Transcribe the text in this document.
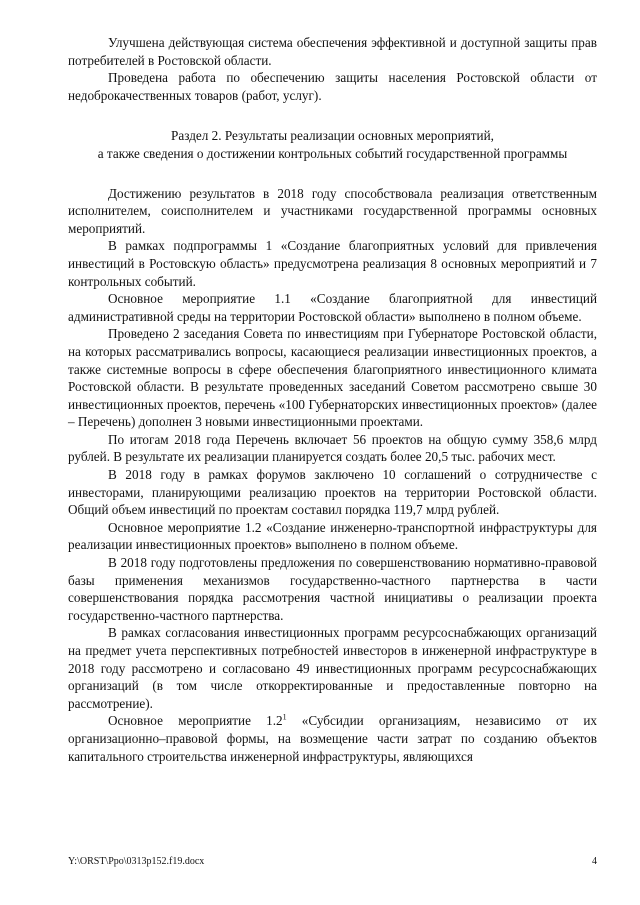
Улучшена действующая система обеспечения эффективной и доступной защиты прав потребителей в Ростовской области.

Проведена работа по обеспечению защиты населения Ростовской области от недоброкачественных товаров (работ, услуг).

Раздел 2. Результаты реализации основных мероприятий,
а также сведения о достижении контрольных событий государственной программы

Достижению результатов в 2018 году способствовала реализация ответственным исполнителем, соисполнителем и участниками государственной программы основных мероприятий.

В рамках подпрограммы 1 «Создание благоприятных условий для привлечения инвестиций в Ростовскую область» предусмотрена реализация 8 основных мероприятий и 7 контрольных событий.

Основное мероприятие 1.1 «Создание благоприятной для инвестиций административной среды на территории Ростовской области» выполнено в полном объеме.

Проведено 2 заседания Совета по инвестициям при Губернаторе Ростовской области, на которых рассматривались вопросы, касающиеся реализации инвестиционных проектов, а также системные вопросы в сфере обеспечения благоприятного инвестиционного климата Ростовской области. В результате проведенных заседаний Советом рассмотрено свыше 30 инвестиционных проектов, перечень «100 Губернаторских инвестиционных проектов» (далее – Перечень) дополнен 3 новыми инвестиционными проектами.

По итогам 2018 года Перечень включает 56 проектов на общую сумму 358,6 млрд рублей. В результате их реализации планируется создать более 20,5 тыс. рабочих мест.

В 2018 году в рамках форумов заключено 10 соглашений о сотрудничестве с инвесторами, планирующими реализацию проектов на территории Ростовской области. Общий объем инвестиций по проектам составил порядка 119,7 млрд рублей.

Основное мероприятие 1.2 «Создание инженерно-транспортной инфраструктуры для реализации инвестиционных проектов» выполнено в полном объеме.

В 2018 году подготовлены предложения по совершенствованию нормативно-правовой базы применения механизмов государственно-частного партнерства в части совершенствования порядка рассмотрения частной инициативы о реализации проекта государственно-частного партнерства.

В рамках согласования инвестиционных программ ресурсоснабжающих организаций на предмет учета перспективных потребностей инвесторов в инженерной инфраструктуре в 2018 году рассмотрено и согласовано 49 инвестиционных программ ресурсоснабжающих организаций (в том числе откорректированные и предоставленные повторно на рассмотрение).

Основное мероприятие $1.2^1$ «Субсидии организациям, независимо от их организационно–правовой формы, на возмещение части затрат по созданию объектов капитального строительства инженерной инфраструктуры, являющихся

Y:\ORST\Ppo\0313p152.f19.docx	4
